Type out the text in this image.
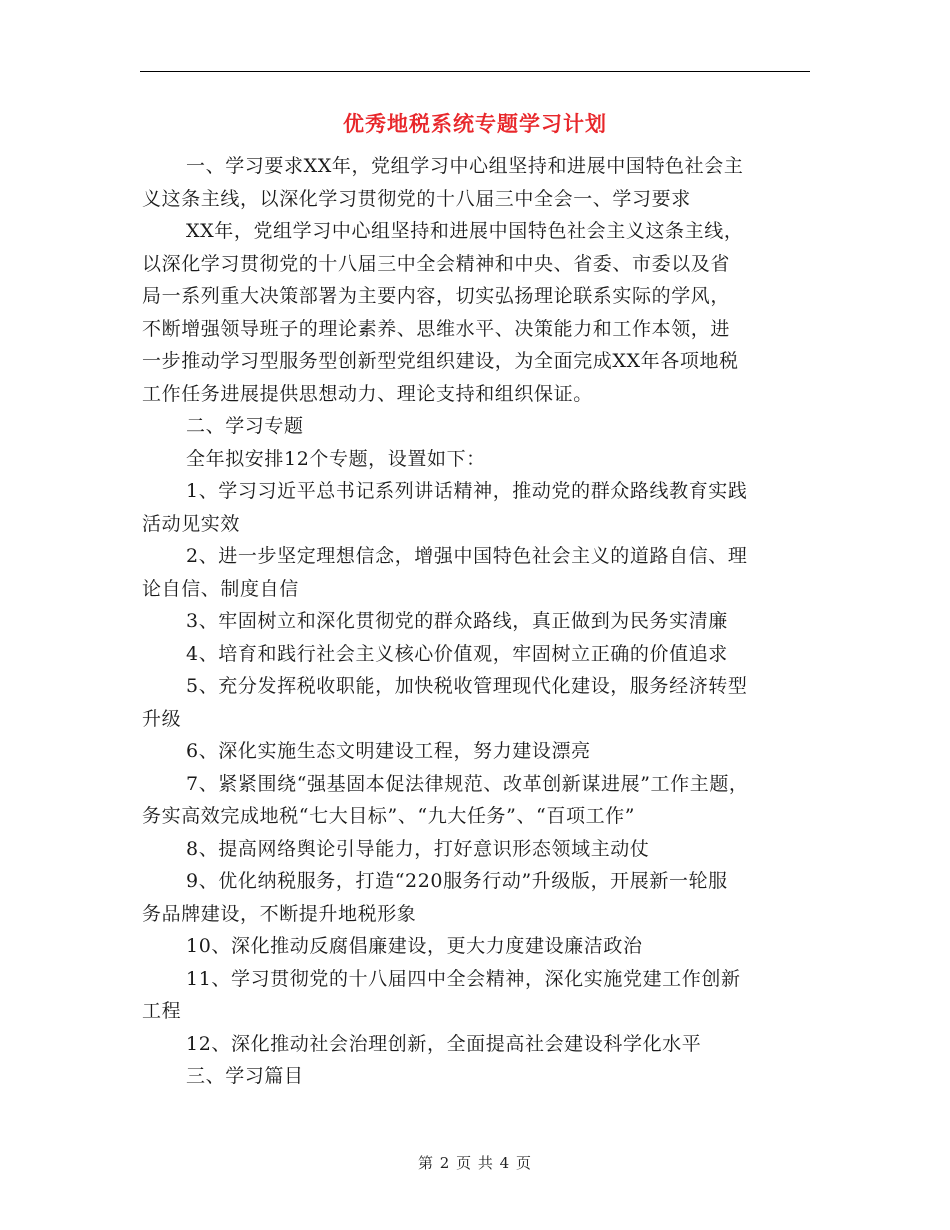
优秀地税系统专题学习计划
一、学习要求XX年，党组学习中心组坚持和进展中国特色社会主
义这条主线，以深化学习贯彻党的十八届三中全会一、学习要求
XX年，党组学习中心组坚持和进展中国特色社会主义这条主线，
以深化学习贯彻党的十八届三中全会精神和中央、省委、市委以及省
局一系列重大决策部署为主要内容，切实弘扬理论联系实际的学风，
不断增强领导班子的理论素养、思维水平、决策能力和工作本领，进
一步推动学习型服务型创新型党组织建设，为全面完成XX年各项地税
工作任务进展提供思想动力、理论支持和组织保证。
二、学习专题
全年拟安排12个专题，设置如下：
1、学习习近平总书记系列讲话精神，推动党的群众路线教育实践
活动见实效
2、进一步坚定理想信念，增强中国特色社会主义的道路自信、理
论自信、制度自信
3、牢固树立和深化贯彻党的群众路线，真正做到为民务实清廉
4、培育和践行社会主义核心价值观，牢固树立正确的价值追求
5、充分发挥税收职能，加快税收管理现代化建设，服务经济转型
升级
6、深化实施生态文明建设工程，努力建设漂亮
7、紧紧围绕“强基固本促法律规范、改革创新谋进展”工作主题，
务实高效完成地税“七大目标”、“九大任务”、“百项工作”
8、提高网络舆论引导能力，打好意识形态领域主动仗
9、优化纳税服务，打造“220服务行动”升级版，开展新一轮服
务品牌建设，不断提升地税形象
10、深化推动反腐倡廉建设，更大力度建设廉洁政治
11、学习贯彻党的十八届四中全会精神，深化实施党建工作创新
工程
12、深化推动社会治理创新，全面提高社会建设科学化水平
三、学习篇目
第 2 页 共 4 页
